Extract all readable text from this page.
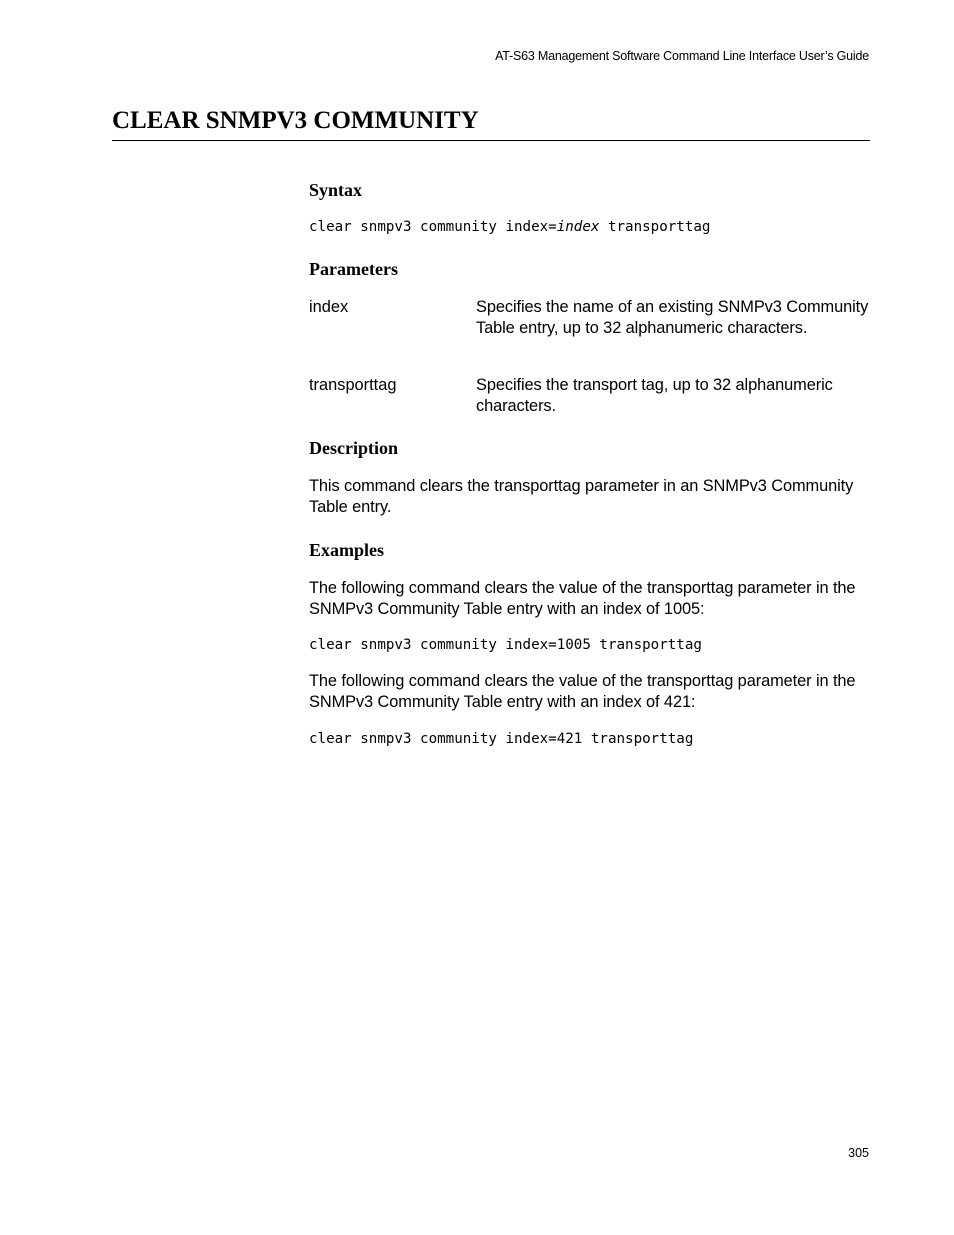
AT-S63 Management Software Command Line Interface User’s Guide
CLEAR SNMPV3 COMMUNITY
Syntax

clear snmpv3 community index=index transporttag

Parameters

index	Specifies the name of an existing SNMPv3 Community Table entry, up to 32 alphanumeric characters.

transporttag	Specifies the transport tag, up to 32 alphanumeric characters.

Description

This command clears the transporttag parameter in an SNMPv3 Community Table entry.

Examples

The following command clears the value of the transporttag parameter in the SNMPv3 Community Table entry with an index of 1005:

clear snmpv3 community index=1005 transporttag

The following command clears the value of the transporttag parameter in the SNMPv3 Community Table entry with an index of 421:

clear snmpv3 community index=421 transporttag

305
